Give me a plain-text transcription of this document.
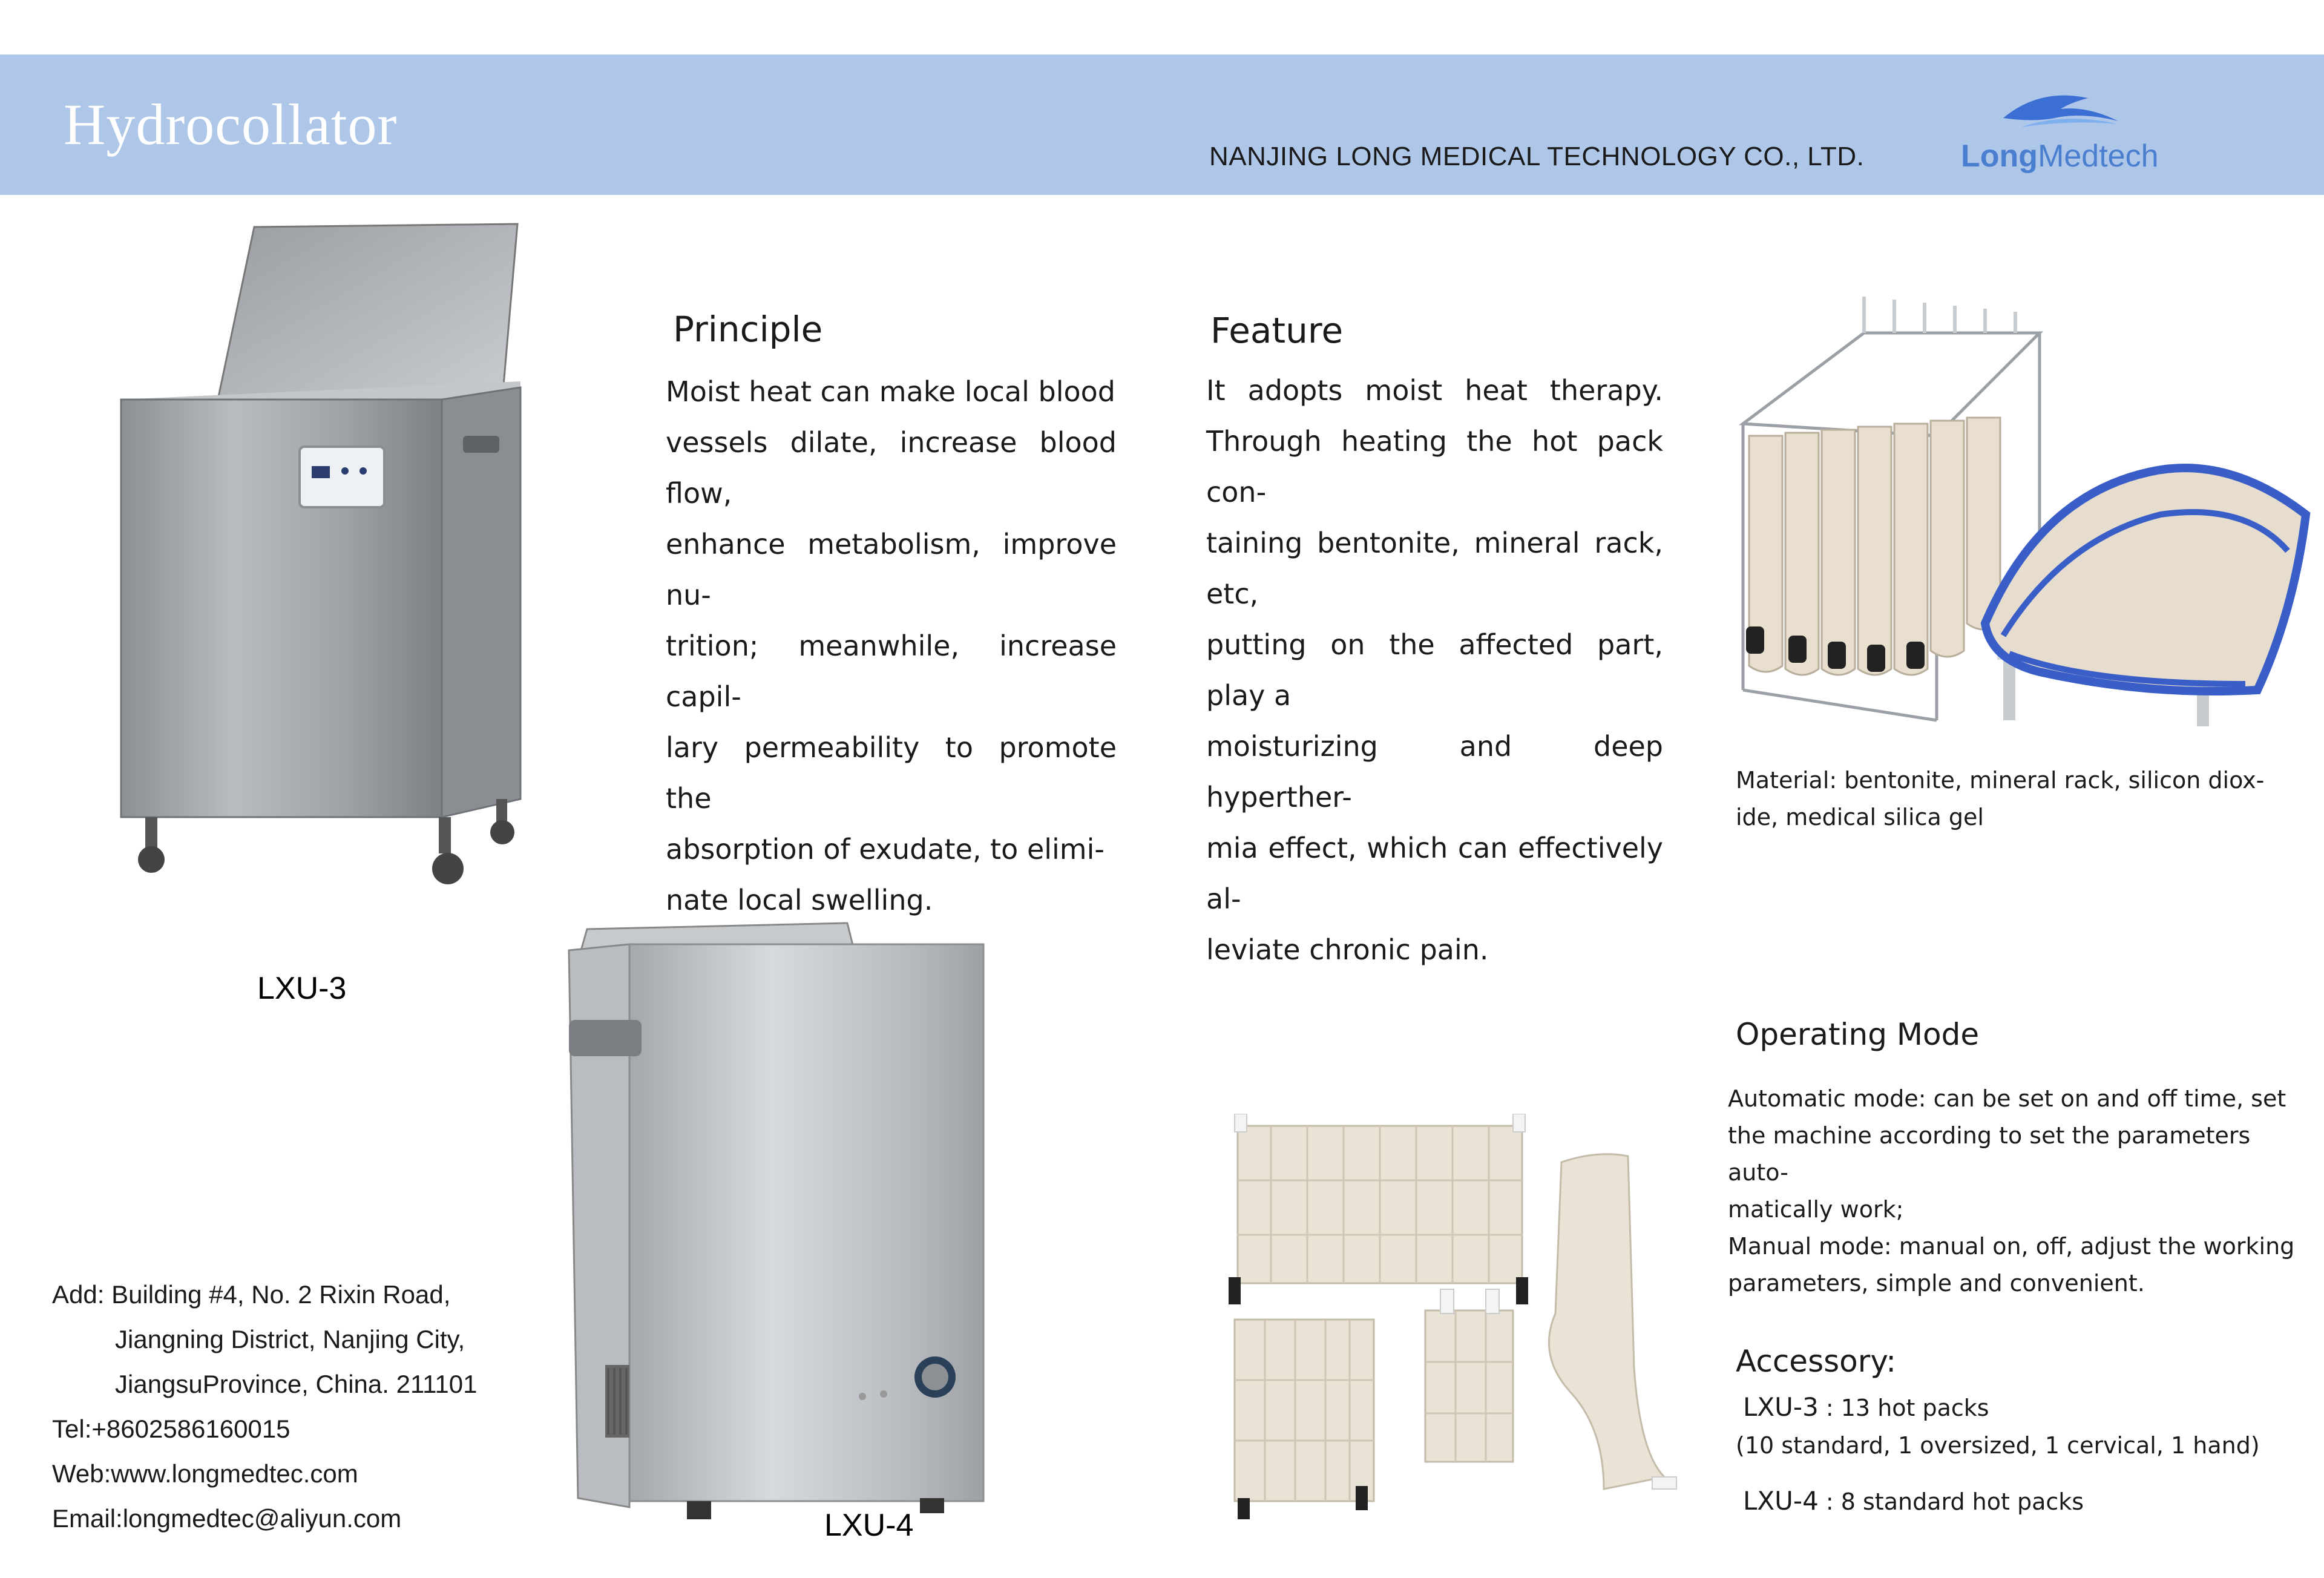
Hydrocollator	NANJING LONG MEDICAL TECHNOLOGY CO., LTD.	LongMedtech
LXU-3
LXU-4
Principle
Moist heat can make local blood
vessels dilate, increase blood flow,
enhance metabolism, improve nu-
trition; meanwhile, increase capil-
lary permeability to promote the
absorption of exudate, to elimi-
nate local swelling.
Feature
It adopts moist heat therapy.
Through heating the hot pack con-
taining bentonite, mineral rack, etc,
putting on the affected part, play a
moisturizing and deep hyperther-
mia effect, which can effectively al-
leviate chronic pain.
Material: bentonite, mineral rack, silicon diox-
ide, medical silica gel
Operating Mode
Automatic mode: can be set on and off time, set
the machine according to set the parameters auto-
matically work;
Manual mode: manual on, off, adjust the working
parameters, simple and convenient.
Accessory:
LXU-3 : 13 hot packs
(10 standard, 1 oversized, 1 cervical, 1 hand)
LXU-4 : 8 standard hot packs
Add: Building #4, No. 2 Rixin Road,
Jiangning District, Nanjing City,
JiangsuProvince, China. 211101
Tel:+8602586160015
Web:www.longmedtec.com
Email:longmedtec@aliyun.com
